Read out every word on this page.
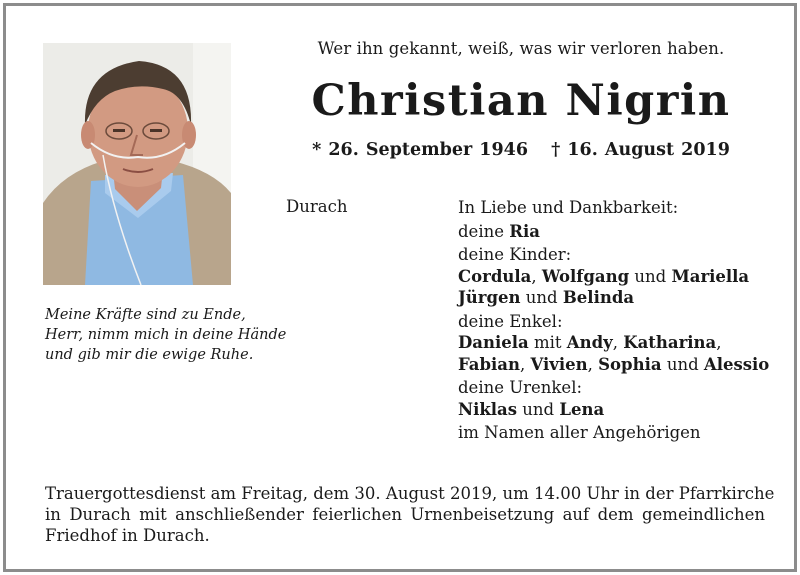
Wer ihn gekannt, weiß, was wir verloren haben.
Christian Nigrin
* 26. September 1946 † 16. August 2019
Durach
Meine Kräfte sind zu Ende,
Herr, nimm mich in deine Hände
und gib mir die ewige Ruhe.
In Liebe und Dankbarkeit:
deine Ria
deine Kinder:
Cordula, Wolfgang und Mariella
Jürgen und Belinda
deine Enkel:
Daniela mit Andy, Katharina,
Fabian, Vivien, Sophia und Alessio
deine Urenkel:
Niklas und Lena
im Namen aller Angehörigen
Trauergottesdienst am Freitag, dem 30. August 2019, um 14.00 Uhr in der Pfarrkirche
in Durach mit anschließender feierlichen Urnenbeisetzung auf dem gemeindlichen
Friedhof in Durach.
